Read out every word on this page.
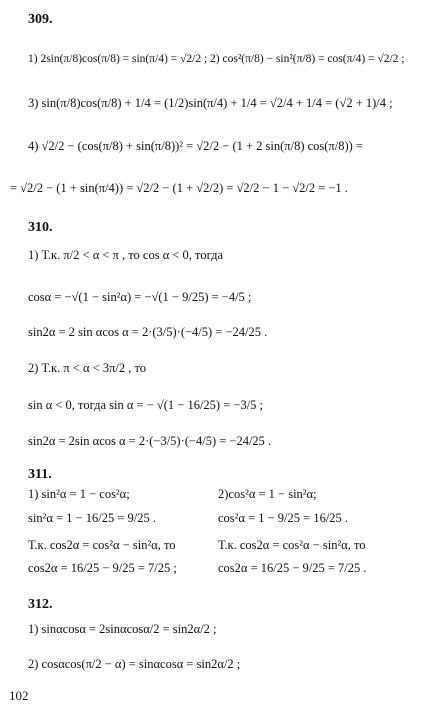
309.
1) 2sin(π/8)cos(π/8) = sin(π/4) = √2/2 ; 2) cos²(π/8) − sin²(π/8) = cos(π/4) = √2/2 ;
3) sin(π/8)cos(π/8) + 1/4 = (1/2)sin(π/4) + 1/4 = √2/4 + 1/4 = (√2 + 1)/4 ;
4) √2/2 − (cos(π/8) + sin(π/8))² = √2/2 − (1 + 2 sin(π/8) cos(π/8)) =
= √2/2 − (1 + sin(π/4)) = √2/2 − (1 + √2/2) = √2/2 − 1 − √2/2 = −1 .
310.
1) Т.к. π/2 < α < π , то cos α < 0, тогда
cosα = −√(1 − sin²α) = −√(1 − 9/25) = −4/5 ;
sin2α = 2 sin αcos α = 2·(3/5)·(−4/5) = −24/25 .
2) Т.к. π < α < 3π/2 , то
sin α < 0, тогда sin α = − √(1 − 16/25) = −3/5 ;
sin2α = 2sin αcos α = 2·(−3/5)·(−4/5) = −24/25 .
311.
1) sin²α = 1 − cos²α;	2)cos²α = 1 − sin²α;
sin²α = 1 − 16/25 = 9/25 .	cos²α = 1 − 9/25 = 16/25 .
Т.к. cos2α = cos²α − sin²α, то	Т.к. cos2α = cos²α − sin²α, то
cos2α = 16/25 − 9/25 = 7/25 ;	cos2α = 16/25 − 9/25 = 7/25 .
312.
1) sinαcosα = 2sinαcosα/2 = sin2α/2 ;
2) cosαcos(π/2 − α) = sinαcosα = sin2α/2 ;
102
